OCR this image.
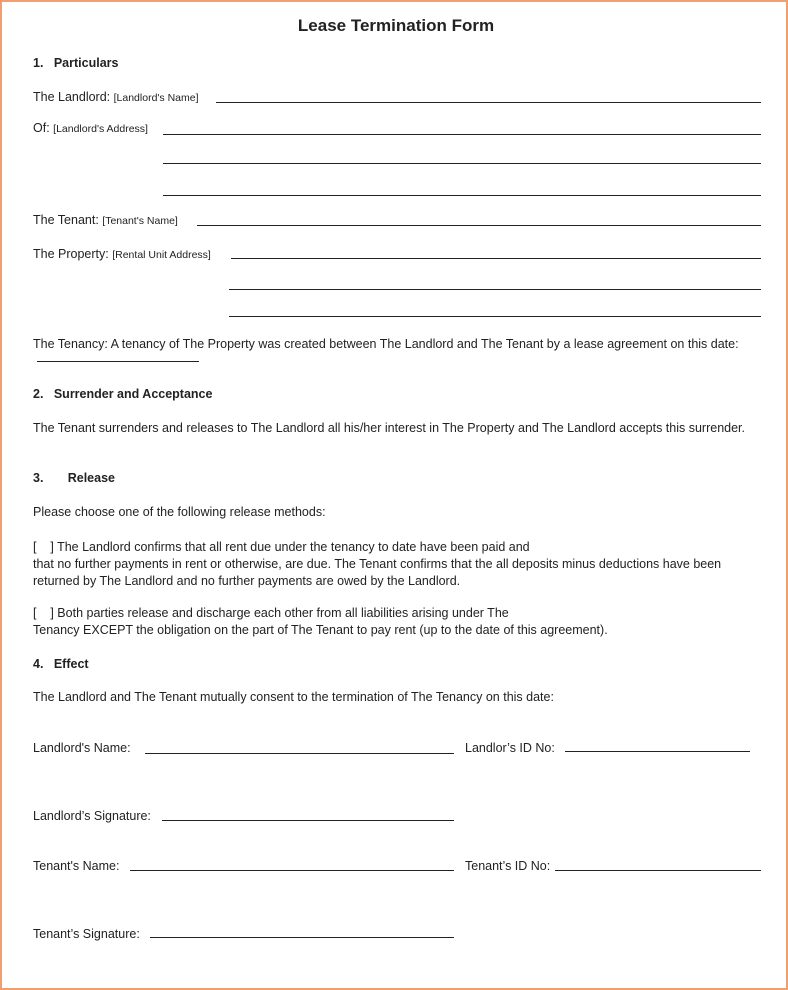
Lease Termination Form
1.   Particulars
The Landlord: [Landlord's Name]
Of: [Landlord's Address]
The Tenant: [Tenant's Name]
The Property: [Rental Unit Address]
The Tenancy: A tenancy of The Property was created between The Landlord and The Tenant by a lease agreement on this date:
2.   Surrender and Acceptance
The Tenant surrenders and releases to The Landlord all his/her interest in The Property and The Landlord accepts this surrender.
3.       Release
Please choose one of the following release methods:
[    ] The Landlord confirms that all rent due under the tenancy to date have been paid and
that no further payments in rent or otherwise, are due. The Tenant confirms that the all deposits minus deductions have been returned by The Landlord and no further payments are owed by the Landlord.
[    ] Both parties release and discharge each other from all liabilities arising under The
Tenancy EXCEPT the obligation on the part of The Tenant to pay rent (up to the date of this agreement).
4.   Effect
The Landlord and The Tenant mutually consent to the termination of The Tenancy on this date:
Landlord's Name:	Landlor’s ID No:
Landlord’s Signature:
Tenant's Name:	Tenant’s ID No:
Tenant’s Signature:
